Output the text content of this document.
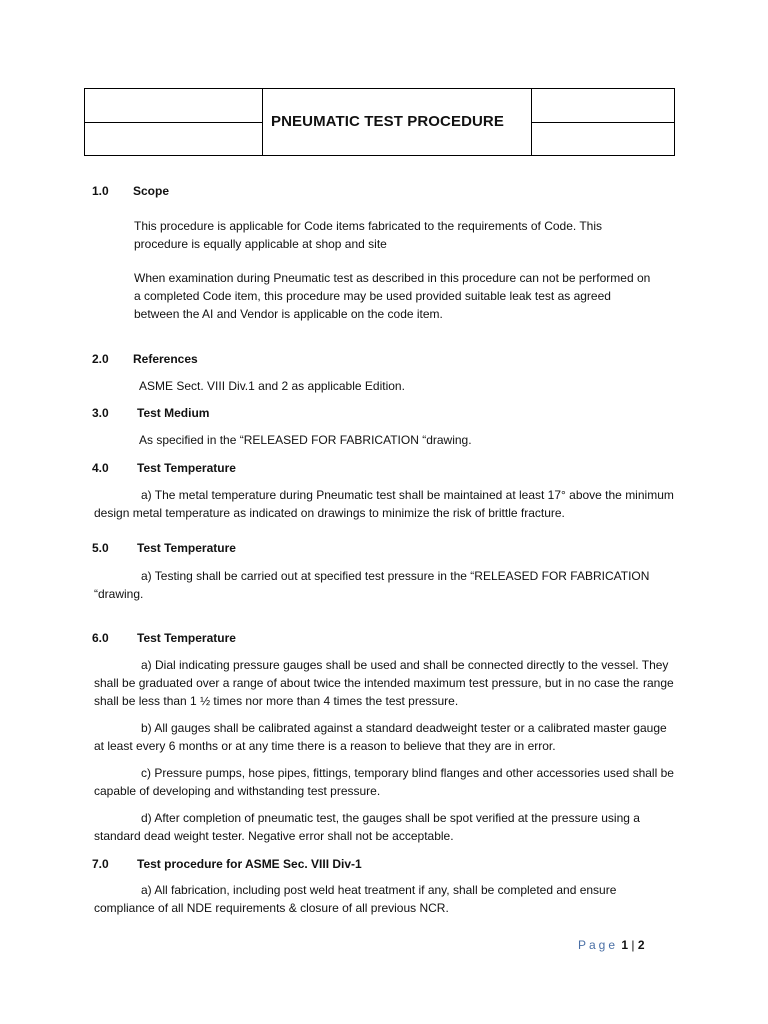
	PNEUMATIC TEST PROCEDURE	

1.0 Scope
This procedure is applicable for Code items fabricated to the requirements of Code. This procedure is equally applicable at shop and site
When examination during Pneumatic test as described in this procedure can not be performed on a completed Code item, this procedure may be used provided suitable leak test as agreed between the AI and Vendor is applicable on the code item.
2.0 References
ASME Sect. VIII Div.1 and 2 as applicable Edition.
3.0 Test Medium
As specified in the “RELEASED FOR FABRICATION “drawing.
4.0 Test Temperature
a) The metal temperature during Pneumatic test shall be maintained at least 17° above the minimum design metal temperature as indicated on drawings to minimize the risk of brittle fracture.
5.0 Test Temperature
a) Testing shall be carried out at specified test pressure in the “RELEASED FOR FABRICATION “drawing.
6.0 Test Temperature
a) Dial indicating pressure gauges shall be used and shall be connected directly to the vessel. They shall be graduated over a range of about twice the intended maximum test pressure, but in no case the range shall be less than 1 ½ times nor more than 4 times the test pressure.
b) All gauges shall be calibrated against a standard deadweight tester or a calibrated master gauge at least every 6 months or at any time there is a reason to believe that they are in error.
c) Pressure pumps, hose pipes, fittings, temporary blind flanges and other accessories used shall be capable of developing and withstanding test pressure.
d) After completion of pneumatic test, the gauges shall be spot verified at the pressure using a standard dead weight tester. Negative error shall not be acceptable.
7.0 Test procedure for ASME Sec. VIII Div-1
a) All fabrication, including post weld heat treatment if any, shall be completed and ensure compliance of all NDE requirements & closure of all previous NCR.
Page 1 | 2
